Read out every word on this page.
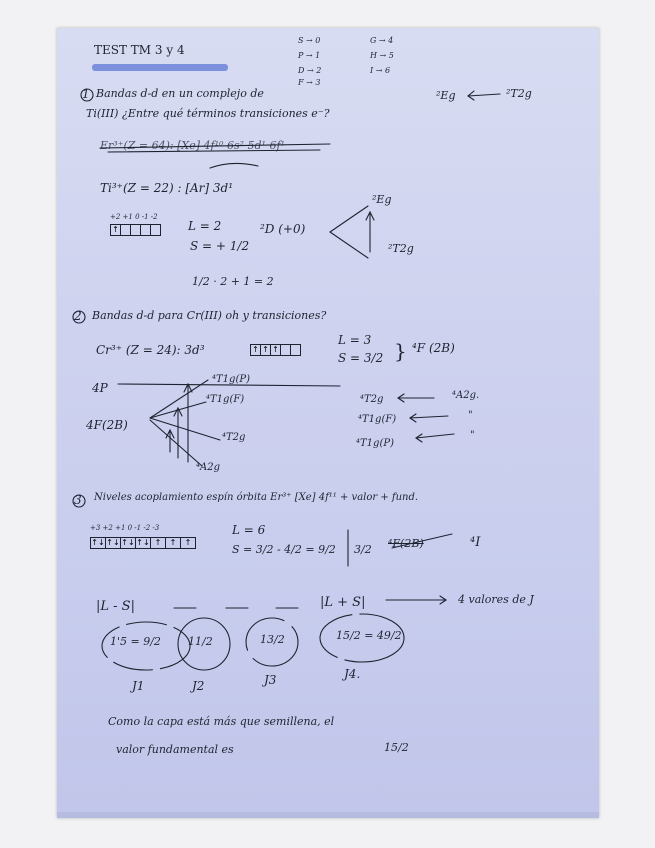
TEST TM 3 y 4
S → 0
P → 1
D → 2
F → 3
G → 4
H → 5
I → 6
1 Bandas d-d en un complejo de
Ti(III) ¿Entre qué términos transiciones e⁻?
²Eg	²T2g
Er³⁺(Z = 64): [Xe] 4f¹⁰ 6s² 5d¹ 6f¹
Ti³⁺(Z = 22) : [Ar] 3d¹
+2 +1 0 -1 -2
↑	L = 2
S = + 1/2
²D (+0)
²Eg
²T2g
1/2 · 2 + 1 = 2
2 Bandas d-d para Cr(III) oh y transiciones?
Cr³⁺ (Z = 24): 3d³	↑ ↑ ↑
L = 3
S = 3/2 } ⁴F (2B)
4P
⁴T1g(P)
⁴T1g(F)
4F(2B)
⁴T2g
⁴A2g
⁴T2g	⁴A2g.
⁴T1g(F)	"
⁴T1g(P)
"
3 Niveles acoplamiento espín órbita Er³⁺ [Xe] 4f¹¹ + valor + fund.
+3 +2 +1 0 -1 -2 -3
↑↓ ↑↓ ↑↓ ↑↓ ↑	↑	↑
L = 6
S = 3/2 - 4/2 = 9/2 3/2 ⁴F(2B)	⁴I
|L - S|	|L + S|	4 valores de J
1'5 = 9/2 11/2	13/2	15/2 = 49/2
J1	J2	J3	J4.
Como la capa está más que semillena, el
valor fundamental es	15/2
